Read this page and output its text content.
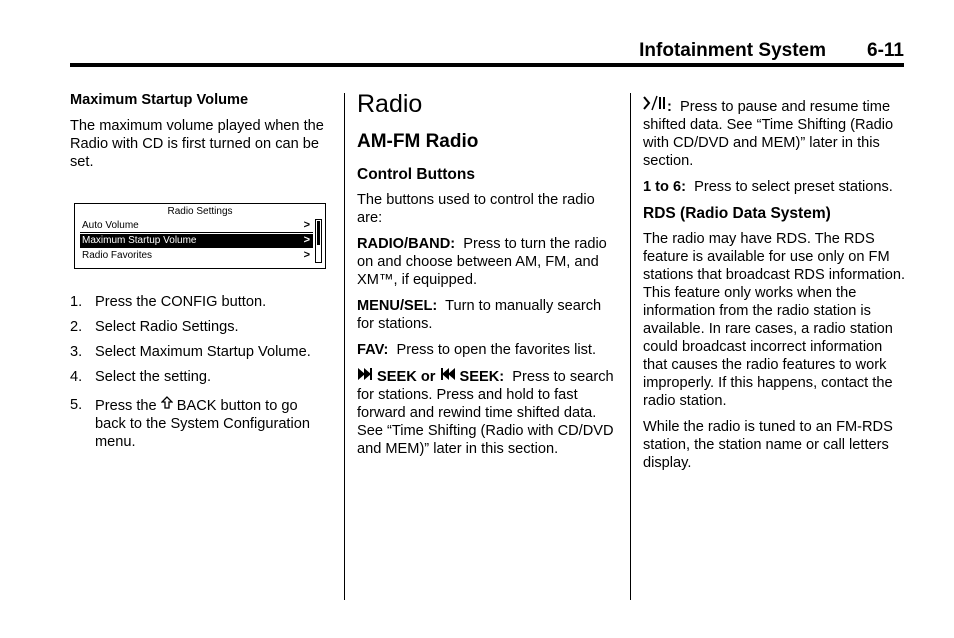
Infotainment System 6-11
Maximum Startup Volume

The maximum volume played when the Radio with CD is first turned on can be set.

Radio Settings
Auto Volume	>
Maximum Startup Volume	>
Radio Favorites	>
1. Press the CONFIG button.
2. Select Radio Settings.
3. Select Maximum Startup Volume.
4. Select the setting.
5. Press the  BACK button to go back to the System Configuration menu.
Radio
AM-FM Radio
Control Buttons

The buttons used to control the radio are:

RADIO/BAND: Press to turn the radio on and choose between AM, FM, and XM™, if equipped.

MENU/SEL: Turn to manually search for stations.

FAV: Press to open the favorites list.

SEEK or  SEEK: Press to search for stations. Press and hold to fast forward and rewind time shifted data. See “Time Shifting (Radio with CD/DVD and MEM)” later in this section.

: Press to pause and resume time shifted data. See “Time Shifting (Radio with CD/DVD and MEM)” later in this section.

1 to 6: Press to select preset stations.

RDS (Radio Data System)

The radio may have RDS. The RDS feature is available for use only on FM stations that broadcast RDS information. This feature only works when the information from the radio station is available. In rare cases, a radio station could broadcast incorrect information that causes the radio features to work improperly. If this happens, contact the radio station.

While the radio is tuned to an FM-RDS station, the station name or call letters display.
